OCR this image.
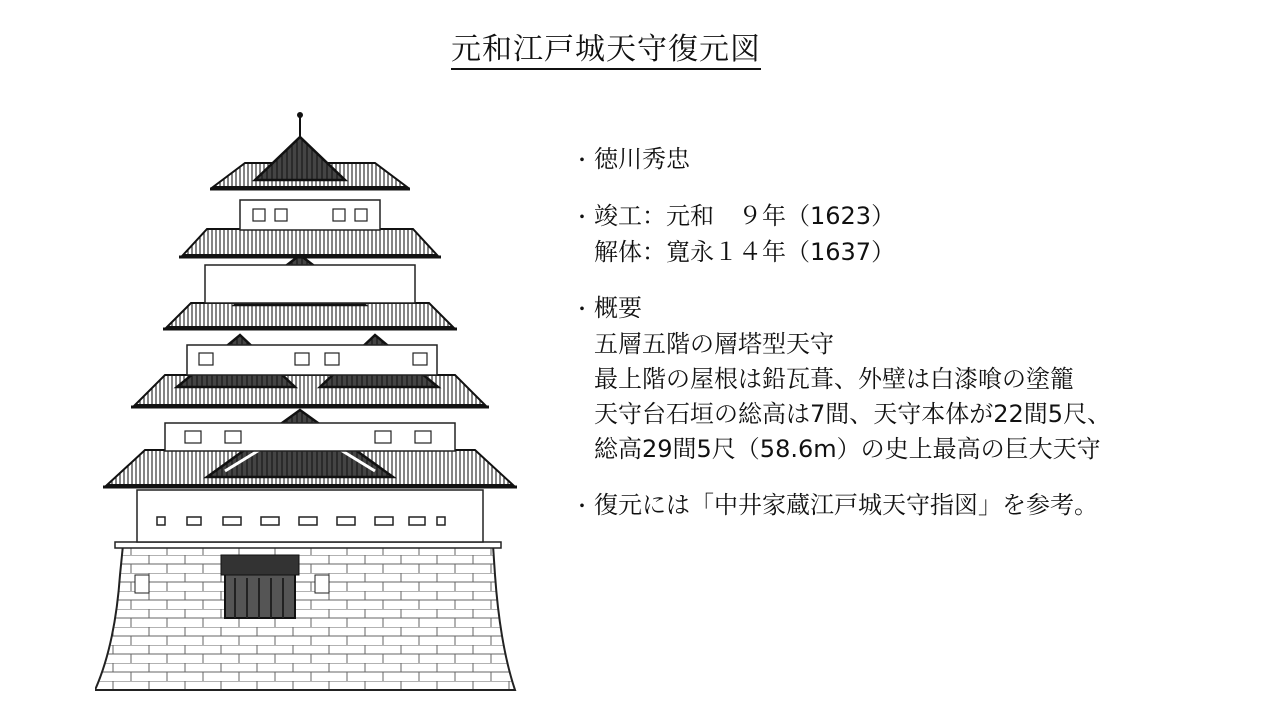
元和江戸城天守復元図
・ 徳川秀忠
・ 竣工：元和　９年（1623）
解体：寛永１４年（1637）
・ 概要
五層五階の層塔型天守
最上階の屋根は鉛瓦葺、外壁は白漆喰の塗籠
天守台石垣の総高は7間、天守本体が22間5尺、
総高29間5尺（58.6m）の史上最高の巨大天守
・ 復元には「中井家蔵江戸城天守指図」を参考。
